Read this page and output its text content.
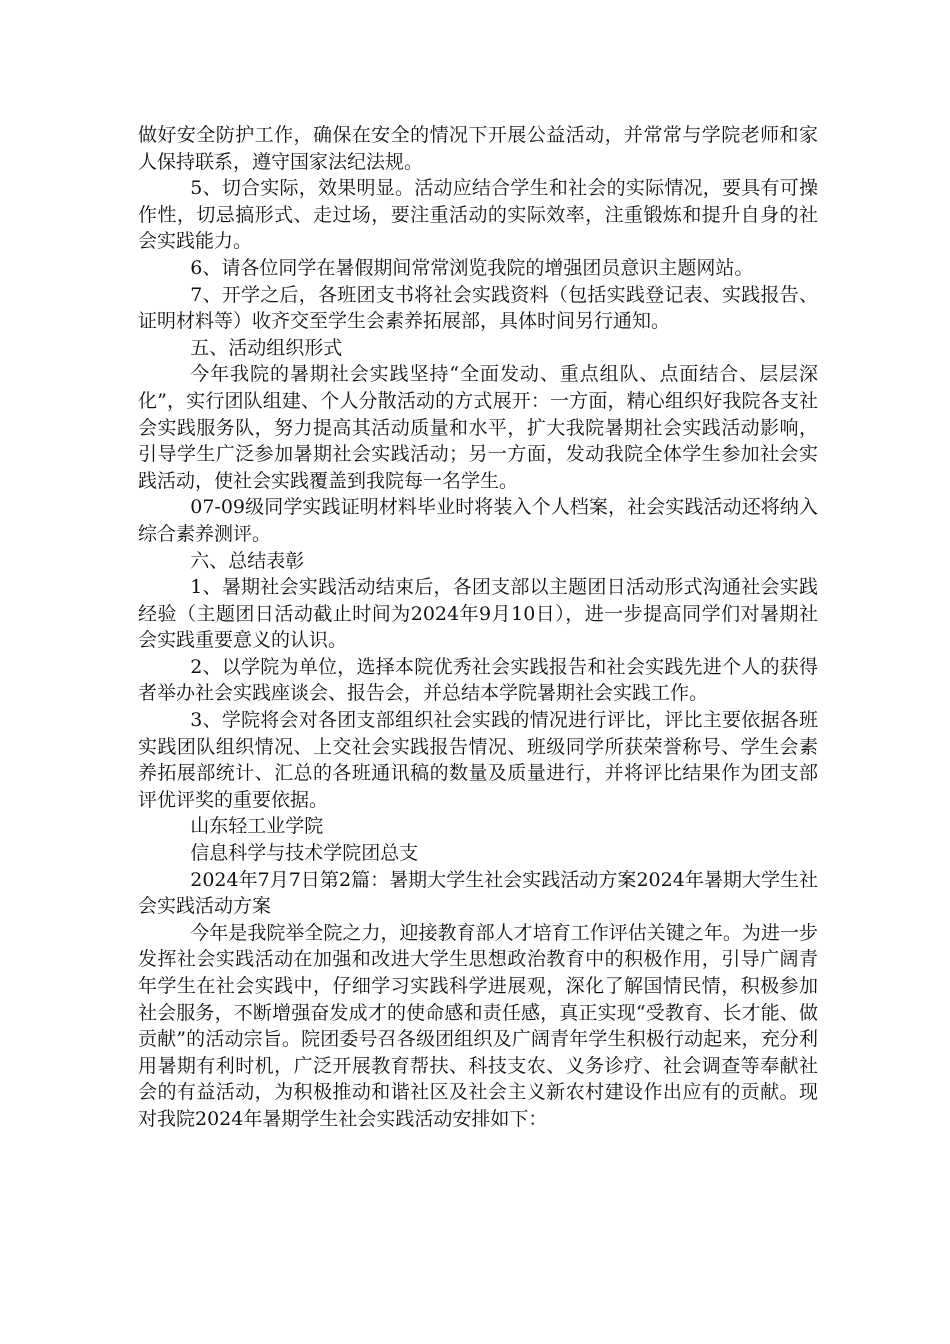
做好安全防护工作，确保在安全的情况下开展公益活动，并常常与学院老师和家人保持联系，遵守国家法纪法规。

5、切合实际，效果明显。活动应结合学生和社会的实际情况，要具有可操作性，切忌搞形式、走过场，要注重活动的实际效率，注重锻炼和提升自身的社会实践能力。

6、请各位同学在暑假期间常常浏览我院的增强团员意识主题网站。

7、开学之后，各班团支书将社会实践资料（包括实践登记表、实践报告、证明材料等）收齐交至学生会素养拓展部，具体时间另行通知。

五、活动组织形式

今年我院的暑期社会实践坚持“全面发动、重点组队、点面结合、层层深化”，实行团队组建、个人分散活动的方式展开：一方面，精心组织好我院各支社会实践服务队，努力提高其活动质量和水平，扩大我院暑期社会实践活动影响，引导学生广泛参加暑期社会实践活动；另一方面，发动我院全体学生参加社会实践活动，使社会实践覆盖到我院每一名学生。

07-09级同学实践证明材料毕业时将装入个人档案，社会实践活动还将纳入综合素养测评。

六、总结表彰

1、暑期社会实践活动结束后，各团支部以主题团日活动形式沟通社会实践经验（主题团日活动截止时间为2024年9月10日），进一步提高同学们对暑期社会实践重要意义的认识。

2、以学院为单位，选择本院优秀社会实践报告和社会实践先进个人的获得者举办社会实践座谈会、报告会，并总结本学院暑期社会实践工作。

3、学院将会对各团支部组织社会实践的情况进行评比，评比主要依据各班实践团队组织情况、上交社会实践报告情况、班级同学所获荣誉称号、学生会素养拓展部统计、汇总的各班通讯稿的数量及质量进行，并将评比结果作为团支部评优评奖的重要依据。

山东轻工业学院

信息科学与技术学院团总支

2024年7月7日第2篇：暑期大学生社会实践活动方案2024年暑期大学生社会实践活动方案

今年是我院举全院之力，迎接教育部人才培育工作评估关键之年。为进一步发挥社会实践活动在加强和改进大学生思想政治教育中的积极作用，引导广阔青年学生在社会实践中，仔细学习实践科学进展观，深化了解国情民情，积极参加社会服务，不断增强奋发成才的使命感和责任感，真正实现“受教育、长才能、做贡献”的活动宗旨。院团委号召各级团组织及广阔青年学生积极行动起来，充分利用暑期有利时机，广泛开展教育帮扶、科技支农、义务诊疗、社会调查等奉献社会的有益活动，为积极推动和谐社区及社会主义新农村建设作出应有的贡献。现对我院2024年暑期学生社会实践活动安排如下：
